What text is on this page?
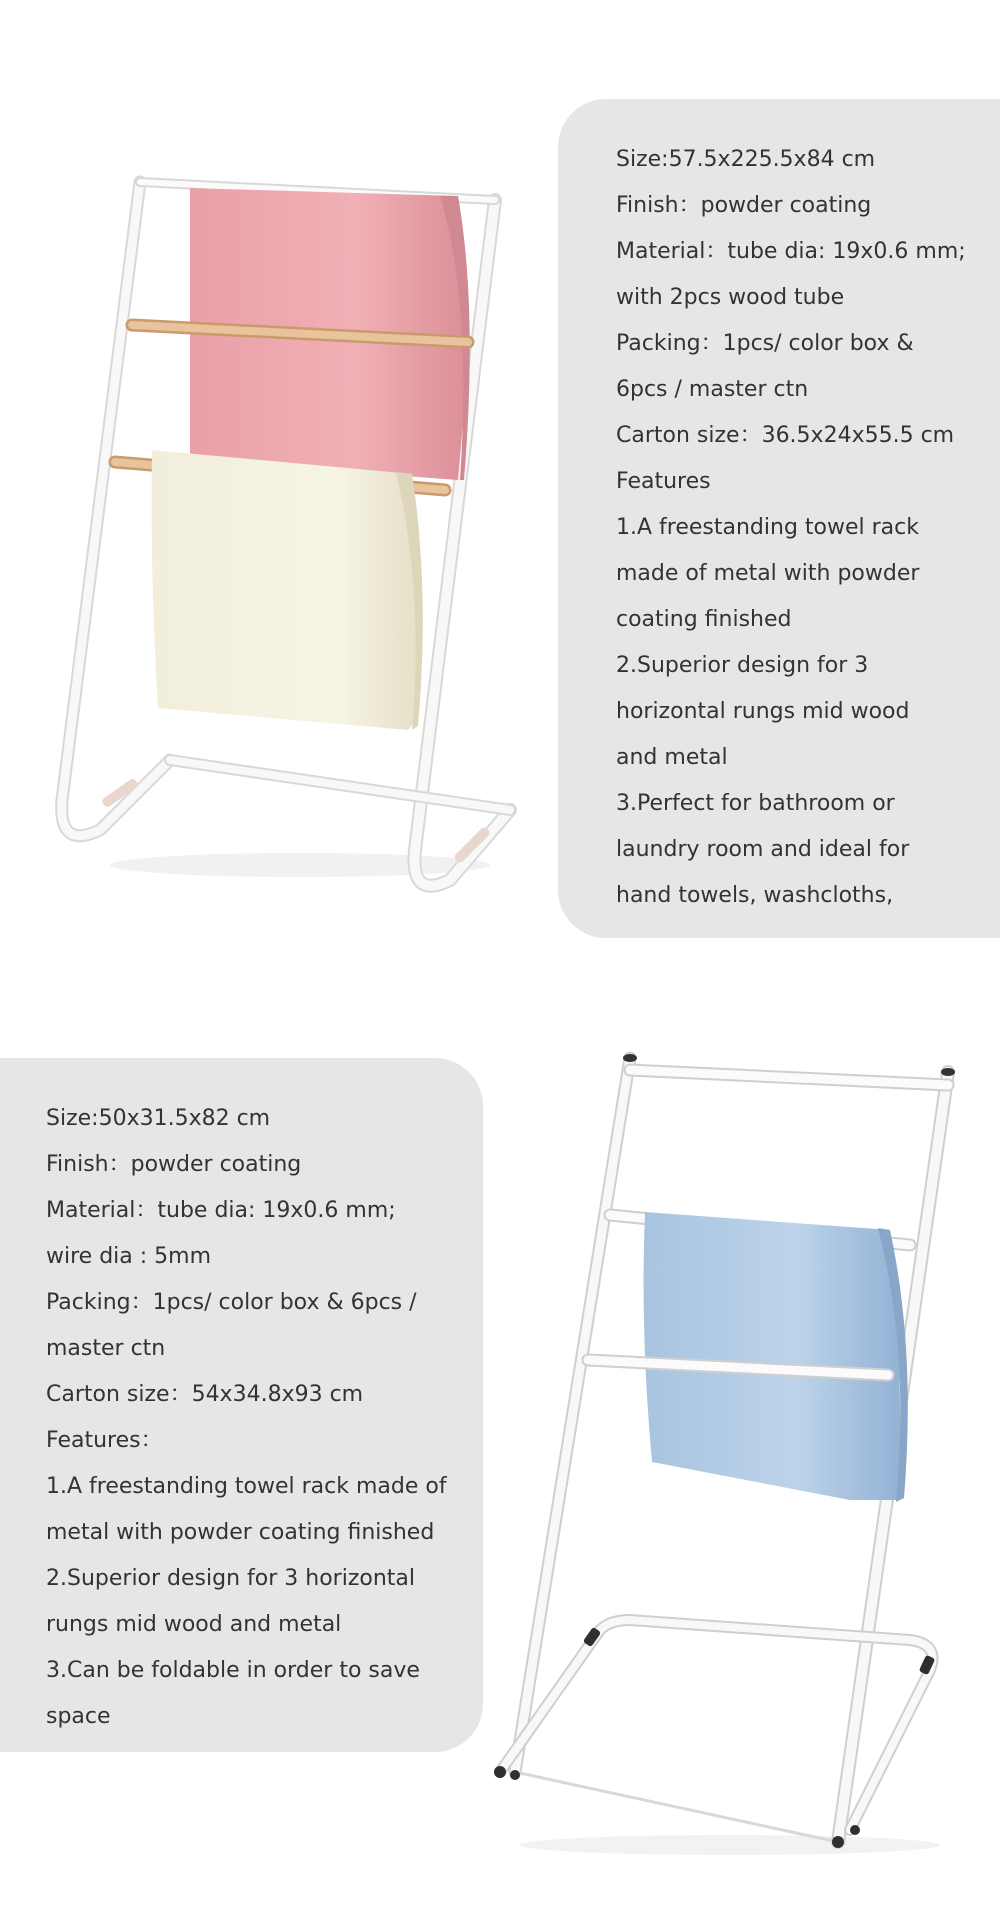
Size:57.5x225.5x84 cm
Finish：powder coating
Material：tube dia: 19x0.6 mm;
with 2pcs wood tube
Packing：1pcs/ color box &
6pcs / master ctn
Carton size：36.5x24x55.5 cm
Features
1.A freestanding towel rack
made of metal with powder
coating finished
2.Superior design for 3
horizontal rungs mid wood
and metal
3.Perfect for bathroom or
laundry room and ideal for
hand towels, washcloths,
Size:50x31.5x82 cm
Finish：powder coating
Material：tube dia: 19x0.6 mm;
wire dia : 5mm
Packing：1pcs/ color box & 6pcs /
master ctn
Carton size：54x34.8x93 cm
Features：
1.A freestanding towel rack made of
metal with powder coating finished
2.Superior design for 3 horizontal
rungs mid wood and metal
3.Can be foldable in order to save
space
